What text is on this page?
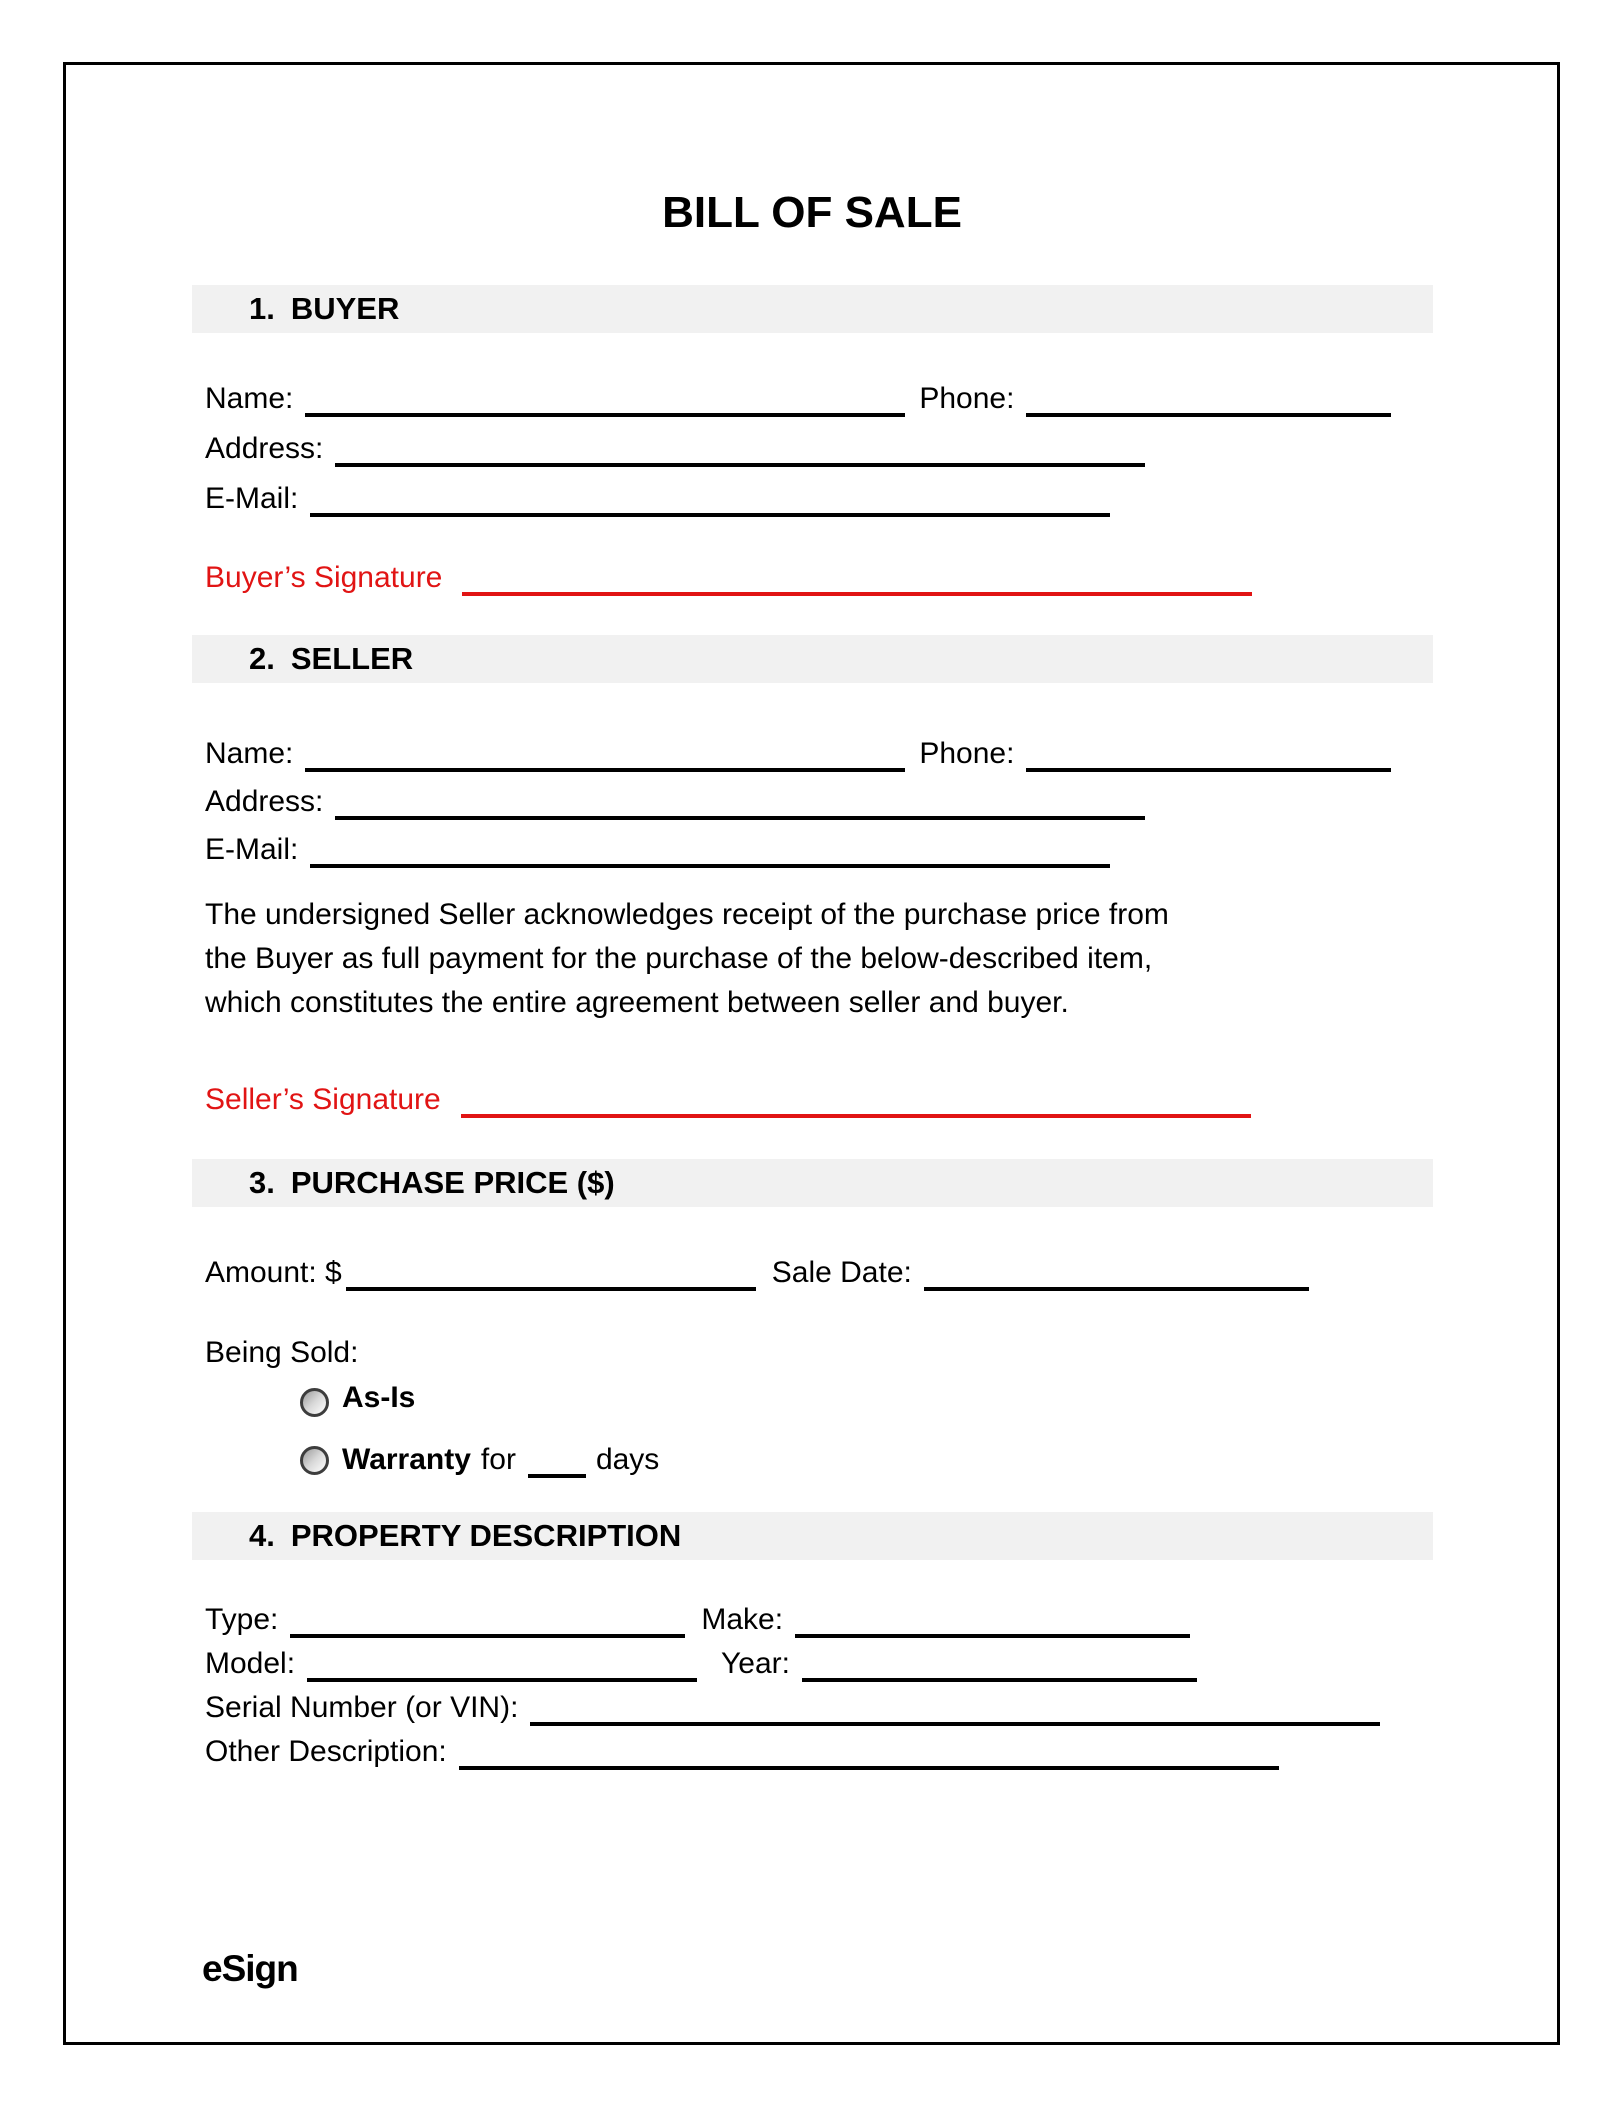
BILL OF SALE
1. BUYER
Name:	Phone:
Address:
E-Mail:
Buyer’s Signature
2. SELLER
Name:	Phone:
Address:
E-Mail:
The undersigned Seller acknowledges receipt of the purchase price from
the Buyer as full payment for the purchase of the below-described item,
which constitutes the entire agreement between seller and buyer.
Seller’s Signature
3. PURCHASE PRICE ($)
Amount: $	Sale Date:
Being Sold:
As-Is
Warranty for	days
4. PROPERTY DESCRIPTION
Type:	Make:
Model:	Year:
Serial Number (or VIN):
Other Description:
eSign
